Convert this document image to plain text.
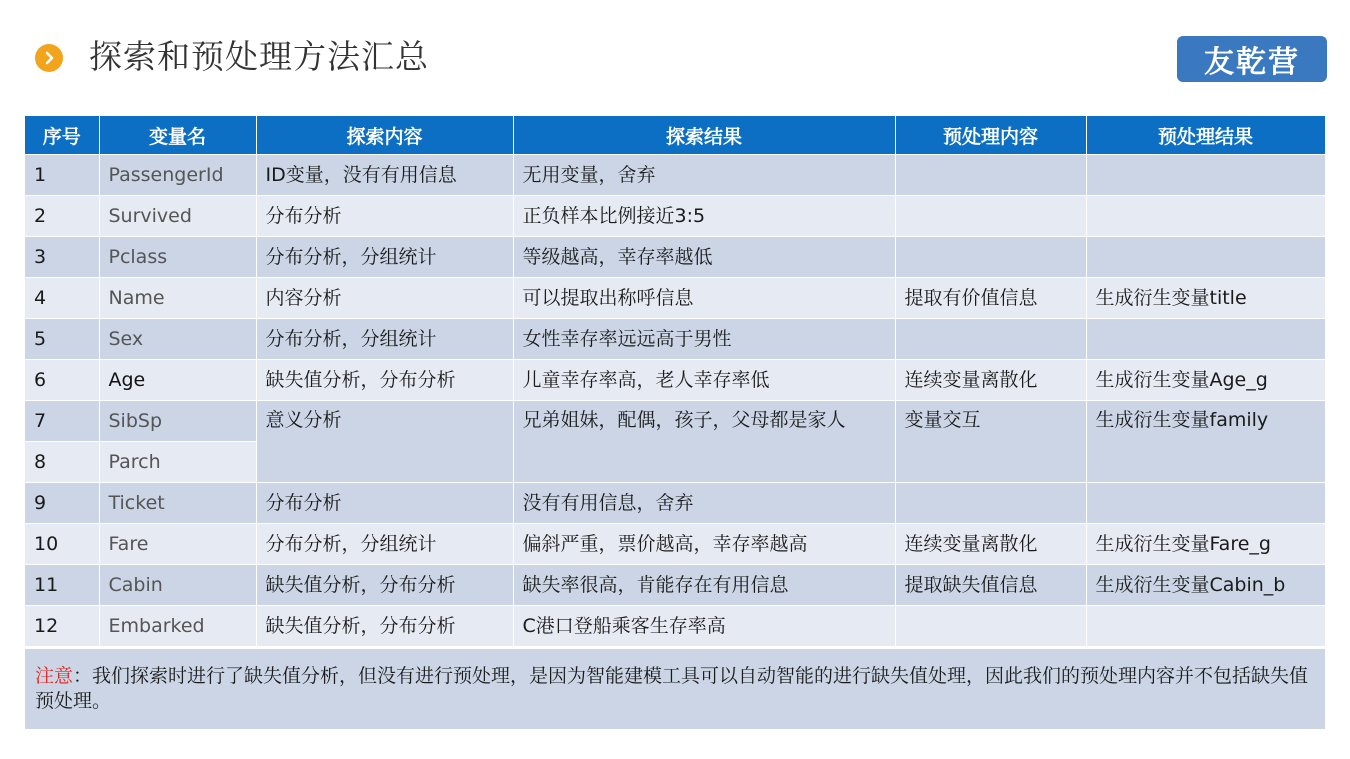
探索和预处理方法汇总	友乾营
序号	变量名	探索内容	探索结果	预处理内容	预处理结果
1	PassengerId	ID变量，没有有用信息	无用变量，舍弃		
2	Survived	分布分析	正负样本比例接近3:5		
3	Pclass	分布分析，分组统计	等级越高，幸存率越低		
4	Name	内容分析	可以提取出称呼信息	提取有价值信息	生成衍生变量title
5	Sex	分布分析，分组统计	女性幸存率远远高于男性		
6	Age	缺失值分析，分布分析	儿童幸存率高，老人幸存率低	连续变量离散化	生成衍生变量Age_g
7	SibSp	意义分析	兄弟姐妹，配偶，孩子，父母都是家人	变量交互	生成衍生变量family
8	Parch				
9	Ticket	分布分析	没有有用信息，舍弃		
10	Fare	分布分析，分组统计	偏斜严重，票价越高，幸存率越高	连续变量离散化	生成衍生变量Fare_g
11	Cabin	缺失值分析，分布分析	缺失率很高，肯能存在有用信息	提取缺失值信息	生成衍生变量Cabin_b
12	Embarked	缺失值分析，分布分析	C港口登船乘客生存率高		
注意：我们探索时进行了缺失值分析，但没有进行预处理，是因为智能建模工具可以自动智能的进行缺失值处理，因此我们的预处理内容并不包括缺失值预处理。
